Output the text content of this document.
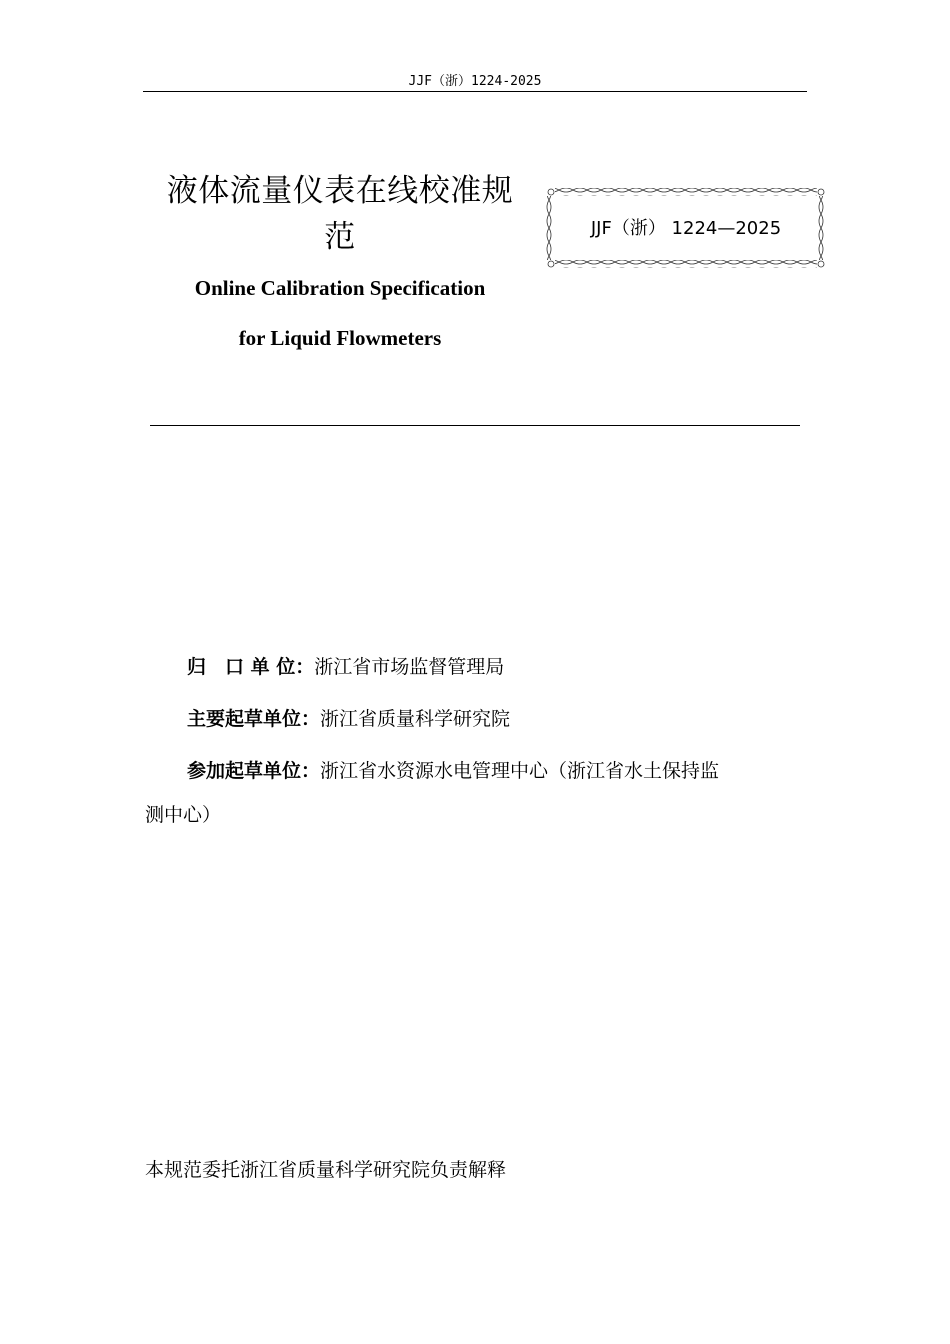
JJF（浙）1224-2025
液体流量仪表在线校准规
范	JJF（浙） 1224—2025
Online Calibration Specification
for Liquid Flowmeters
归　口 单 位：浙江省市场监督管理局
主要起草单位：浙江省质量科学研究院
参加起草单位：浙江省水资源水电管理中心（浙江省水土保持监
测中心）
本规范委托浙江省质量科学研究院负责解释
